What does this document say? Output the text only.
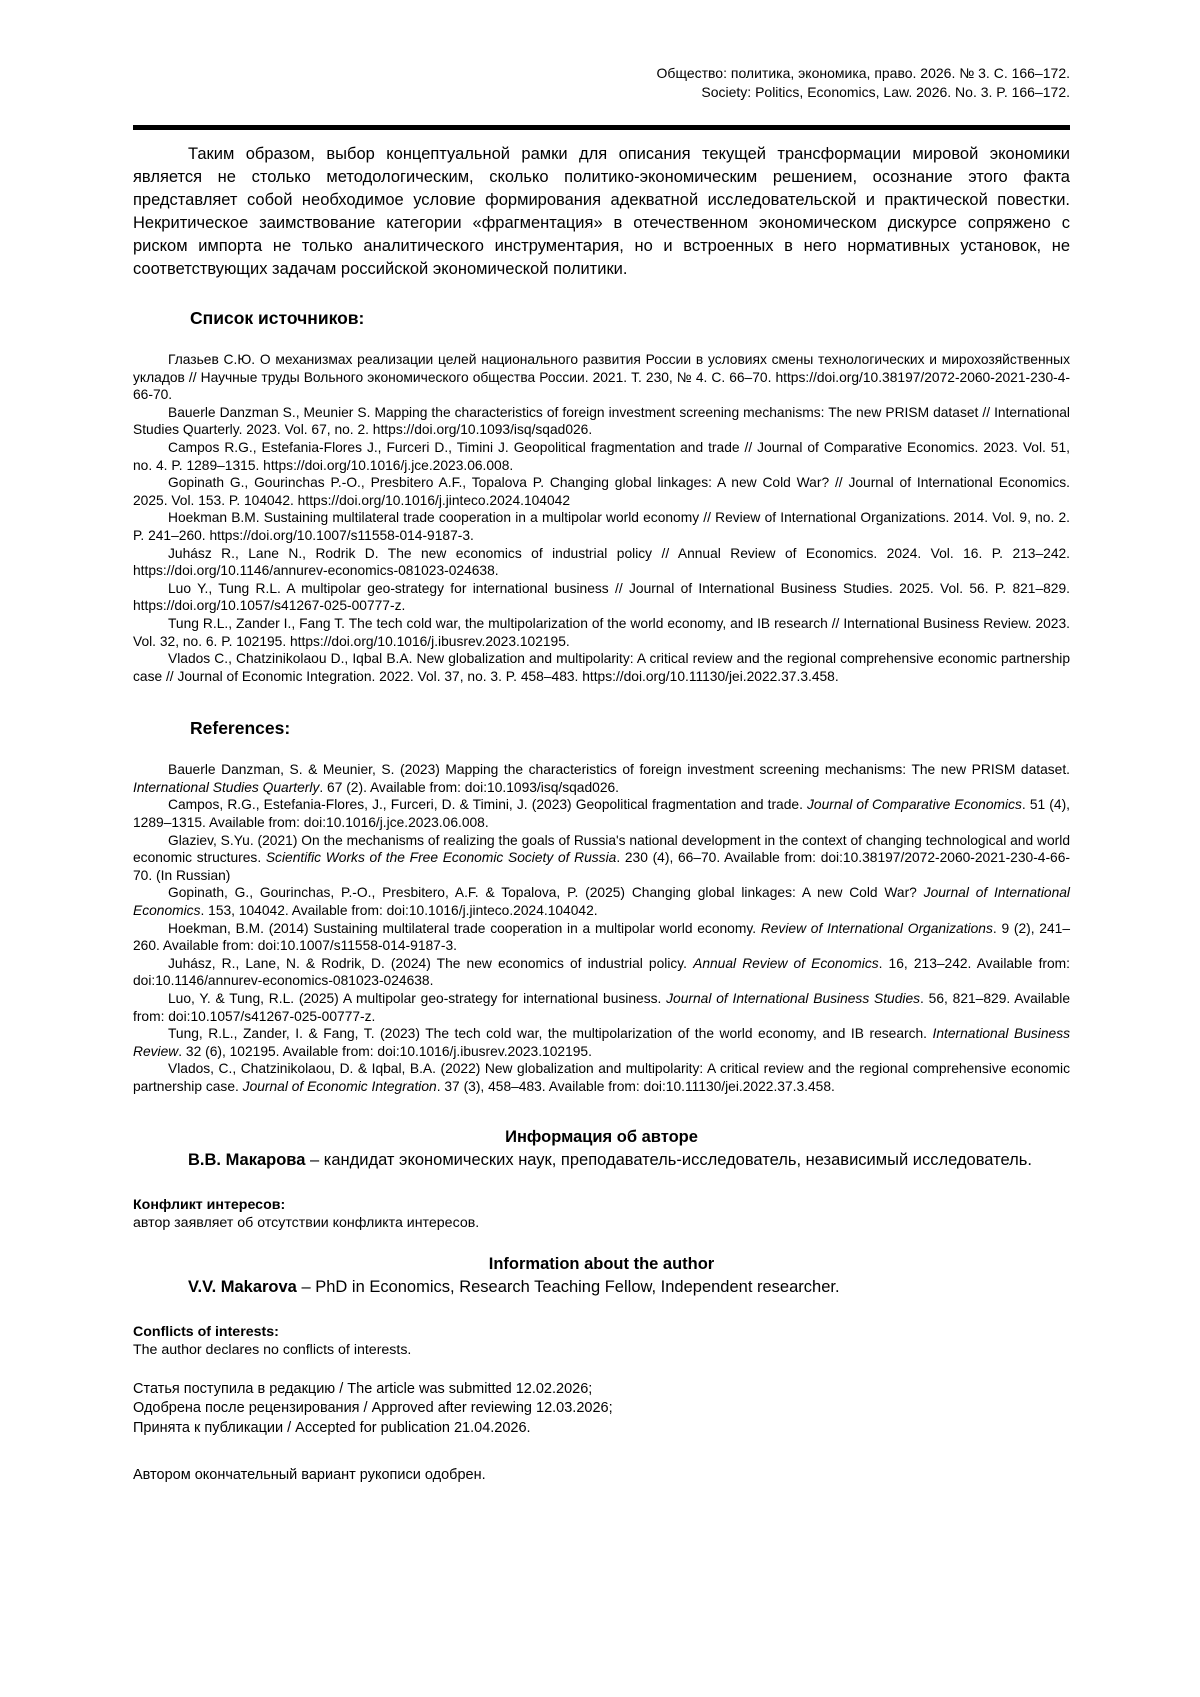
Общество: политика, экономика, право. 2026. № 3. С. 166–172.
Society: Politics, Economics, Law. 2026. No. 3. P. 166–172.

Таким образом, выбор концептуальной рамки для описания текущей трансформации мировой экономики является не столько методологическим, сколько политико-экономическим решением, осознание этого факта представляет собой необходимое условие формирования адекватной исследовательской и практической повестки. Некритическое заимствование категории «фрагментация» в отечественном экономическом дискурсе сопряжено с риском импорта не только аналитического инструментария, но и встроенных в него нормативных установок, не соответствующих задачам российской экономической политики.

Список источников:

Глазьев С.Ю. О механизмах реализации целей национального развития России в условиях смены технологических и мирохозяйственных укладов // Научные труды Вольного экономического общества России. 2021. Т. 230, № 4. С. 66–70. https://doi.org/10.38197/2072-2060-2021-230-4-66-70.

Bauerle Danzman S., Meunier S. Mapping the characteristics of foreign investment screening mechanisms: The new PRISM dataset // International Studies Quarterly. 2023. Vol. 67, no. 2. https://doi.org/10.1093/isq/sqad026.

Campos R.G., Estefania-Flores J., Furceri D., Timini J. Geopolitical fragmentation and trade // Journal of Comparative Economics. 2023. Vol. 51, no. 4. P. 1289–1315. https://doi.org/10.1016/j.jce.2023.06.008.

Gopinath G., Gourinchas P.-O., Presbitero A.F., Topalova P. Changing global linkages: A new Cold War? // Journal of International Economics. 2025. Vol. 153. P. 104042. https://doi.org/10.1016/j.jinteco.2024.104042

Hoekman B.M. Sustaining multilateral trade cooperation in a multipolar world economy // Review of International Organizations. 2014. Vol. 9, no. 2. P. 241–260. https://doi.org/10.1007/s11558-014-9187-3.

Juhász R., Lane N., Rodrik D. The new economics of industrial policy // Annual Review of Economics. 2024. Vol. 16. P. 213–242. https://doi.org/10.1146/annurev-economics-081023-024638.

Luo Y., Tung R.L. A multipolar geo-strategy for international business // Journal of International Business Studies. 2025. Vol. 56. P. 821–829. https://doi.org/10.1057/s41267-025-00777-z.

Tung R.L., Zander I., Fang T. The tech cold war, the multipolarization of the world economy, and IB research // International Business Review. 2023. Vol. 32, no. 6. P. 102195. https://doi.org/10.1016/j.ibusrev.2023.102195.

Vlados C., Chatzinikolaou D., Iqbal B.A. New globalization and multipolarity: A critical review and the regional comprehensive economic partnership case // Journal of Economic Integration. 2022. Vol. 37, no. 3. P. 458–483. https://doi.org/10.11130/jei.2022.37.3.458.

References:

Bauerle Danzman, S. & Meunier, S. (2023) Mapping the characteristics of foreign investment screening mechanisms: The new PRISM dataset. International Studies Quarterly. 67 (2). Available from: doi:10.1093/isq/sqad026.

Campos, R.G., Estefania-Flores, J., Furceri, D. & Timini, J. (2023) Geopolitical fragmentation and trade. Journal of Comparative Economics. 51 (4), 1289–1315. Available from: doi:10.1016/j.jce.2023.06.008.

Glaziev, S.Yu. (2021) On the mechanisms of realizing the goals of Russia's national development in the context of changing technological and world economic structures. Scientific Works of the Free Economic Society of Russia. 230 (4), 66–70. Available from: doi:10.38197/2072-2060-2021-230-4-66-70. (In Russian)

Gopinath, G., Gourinchas, P.-O., Presbitero, A.F. & Topalova, P. (2025) Changing global linkages: A new Cold War? Journal of International Economics. 153, 104042. Available from: doi:10.1016/j.jinteco.2024.104042.

Hoekman, B.M. (2014) Sustaining multilateral trade cooperation in a multipolar world economy. Review of International Organizations. 9 (2), 241–260. Available from: doi:10.1007/s11558-014-9187-3.

Juhász, R., Lane, N. & Rodrik, D. (2024) The new economics of industrial policy. Annual Review of Economics. 16, 213–242. Available from: doi:10.1146/annurev-economics-081023-024638.

Luo, Y. & Tung, R.L. (2025) A multipolar geo-strategy for international business. Journal of International Business Studies. 56, 821–829. Available from: doi:10.1057/s41267-025-00777-z.

Tung, R.L., Zander, I. & Fang, T. (2023) The tech cold war, the multipolarization of the world economy, and IB research. International Business Review. 32 (6), 102195. Available from: doi:10.1016/j.ibusrev.2023.102195.

Vlados, C., Chatzinikolaou, D. & Iqbal, B.A. (2022) New globalization and multipolarity: A critical review and the regional comprehensive economic partnership case. Journal of Economic Integration. 37 (3), 458–483. Available from: doi:10.11130/jei.2022.37.3.458.

Информация об авторе

В.В. Макарова – кандидат экономических наук, преподаватель-исследователь, независимый исследователь.

Конфликт интересов:

автор заявляет об отсутствии конфликта интересов.

Information about the author

V.V. Makarova – PhD in Economics, Research Teaching Fellow, Independent researcher.

Conflicts of interests:

The author declares no conflicts of interests.

Статья поступила в редакцию / The article was submitted 12.02.2026;

Одобрена после рецензирования / Approved after reviewing 12.03.2026;

Принята к публикации / Accepted for publication 21.04.2026.

Автором окончательный вариант рукописи одобрен.
